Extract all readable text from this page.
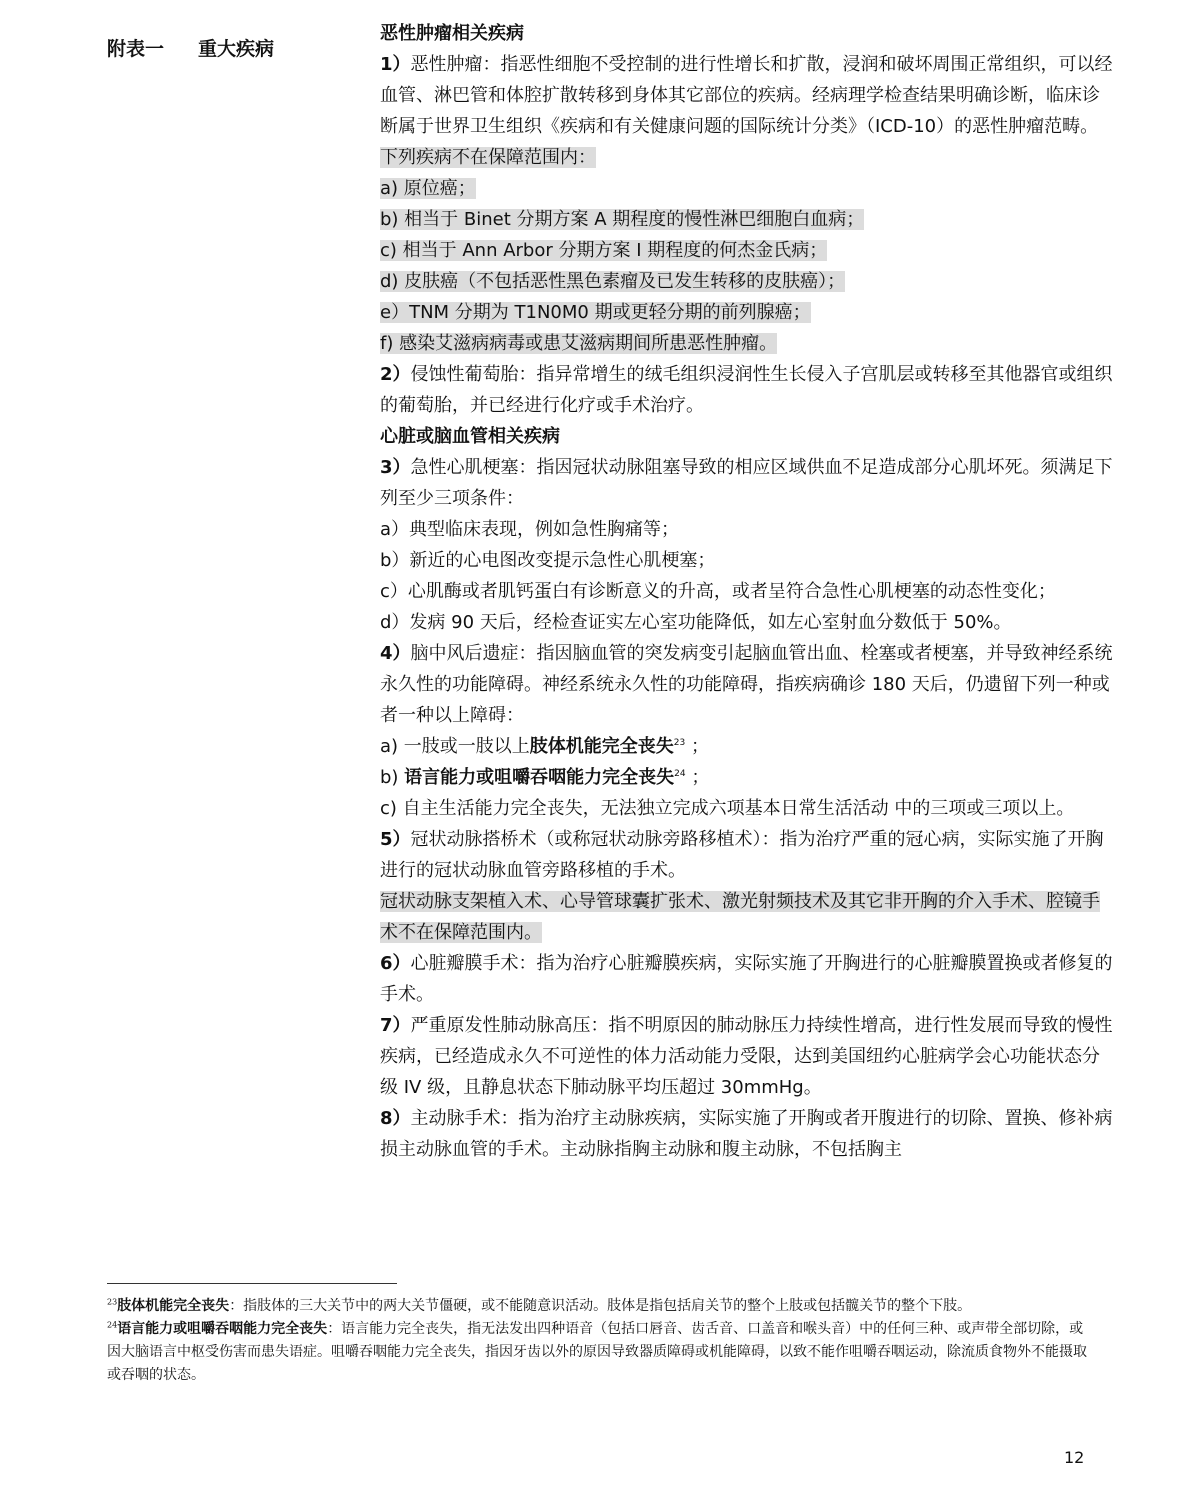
附表一 重大疾病

恶性肿瘤相关疾病

1）恶性肿瘤：指恶性细胞不受控制的进行性增长和扩散，浸润和破坏周围正常组织，可以经血管、淋巴管和体腔扩散转移到身体其它部位的疾病。经病理学检查结果明确诊断，临床诊断属于世界卫生组织《疾病和有关健康问题的国际统计分类》（ICD-10）的恶性肿瘤范畴。

下列疾病不在保障范围内：

a) 原位癌；

b) 相当于 Binet 分期方案 A 期程度的慢性淋巴细胞白血病；

c) 相当于 Ann Arbor 分期方案 I 期程度的何杰金氏病；

d) 皮肤癌（不包括恶性黑色素瘤及已发生转移的皮肤癌）；

e）TNM 分期为 T1N0M0 期或更轻分期的前列腺癌；

f) 感染艾滋病病毒或患艾滋病期间所患恶性肿瘤。

2）侵蚀性葡萄胎：指异常增生的绒毛组织浸润性生长侵入子宫肌层或转移至其他器官或组织的葡萄胎，并已经进行化疗或手术治疗。

心脏或脑血管相关疾病

3）急性心肌梗塞：指因冠状动脉阻塞导致的相应区域供血不足造成部分心肌坏死。须满足下列至少三项条件：

a）典型临床表现，例如急性胸痛等；

b）新近的心电图改变提示急性心肌梗塞；

c）心肌酶或者肌钙蛋白有诊断意义的升高，或者呈符合急性心肌梗塞的动态性变化；

d）发病 90 天后，经检查证实左心室功能降低，如左心室射血分数低于 50%。

4）脑中风后遗症：指因脑血管的突发病变引起脑血管出血、栓塞或者梗塞，并导致神经系统永久性的功能障碍。神经系统永久性的功能障碍，指疾病确诊 180 天后，仍遗留下列一种或者一种以上障碍：

a) 一肢或一肢以上肢体机能完全丧失$^{23}$ ；

b) 语言能力或咀嚼吞咽能力完全丧失$^{24}$ ；

c) 自主生活能力完全丧失，无法独立完成六项基本日常生活活动 中的三项或三项以上。

5）冠状动脉搭桥术（或称冠状动脉旁路移植术）：指为治疗严重的冠心病，实际实施了开胸进行的冠状动脉血管旁路移植的手术。

冠状动脉支架植入术、心导管球囊扩张术、激光射频技术及其它非开胸的介入手术、腔镜手术不在保障范围内。

6）心脏瓣膜手术：指为治疗心脏瓣膜疾病，实际实施了开胸进行的心脏瓣膜置换或者修复的手术。

7）严重原发性肺动脉高压：指不明原因的肺动脉压力持续性增高，进行性发展而导致的慢性疾病，已经造成永久不可逆性的体力活动能力受限，达到美国纽约心脏病学会心功能状态分级 IV 级，且静息状态下肺动脉平均压超过 30mmHg。

8）主动脉手术：指为治疗主动脉疾病，实际实施了开胸或者开腹进行的切除、置换、修补病损主动脉血管的手术。主动脉指胸主动脉和腹主动脉，不包括胸主

$^{23}$肢体机能完全丧失：指肢体的三大关节中的两大关节僵硬，或不能随意识活动。肢体是指包括肩关节的整个上肢或包括髋关节的整个下肢。

$^{24}$语言能力或咀嚼吞咽能力完全丧失：语言能力完全丧失，指无法发出四种语音（包括口唇音、齿舌音、口盖音和喉头音）中的任何三种、或声带全部切除，或因大脑语言中枢受伤害而患失语症。咀嚼吞咽能力完全丧失，指因牙齿以外的原因导致器质障碍或机能障碍，以致不能作咀嚼吞咽运动，除流质食物外不能摄取或吞咽的状态。

12
